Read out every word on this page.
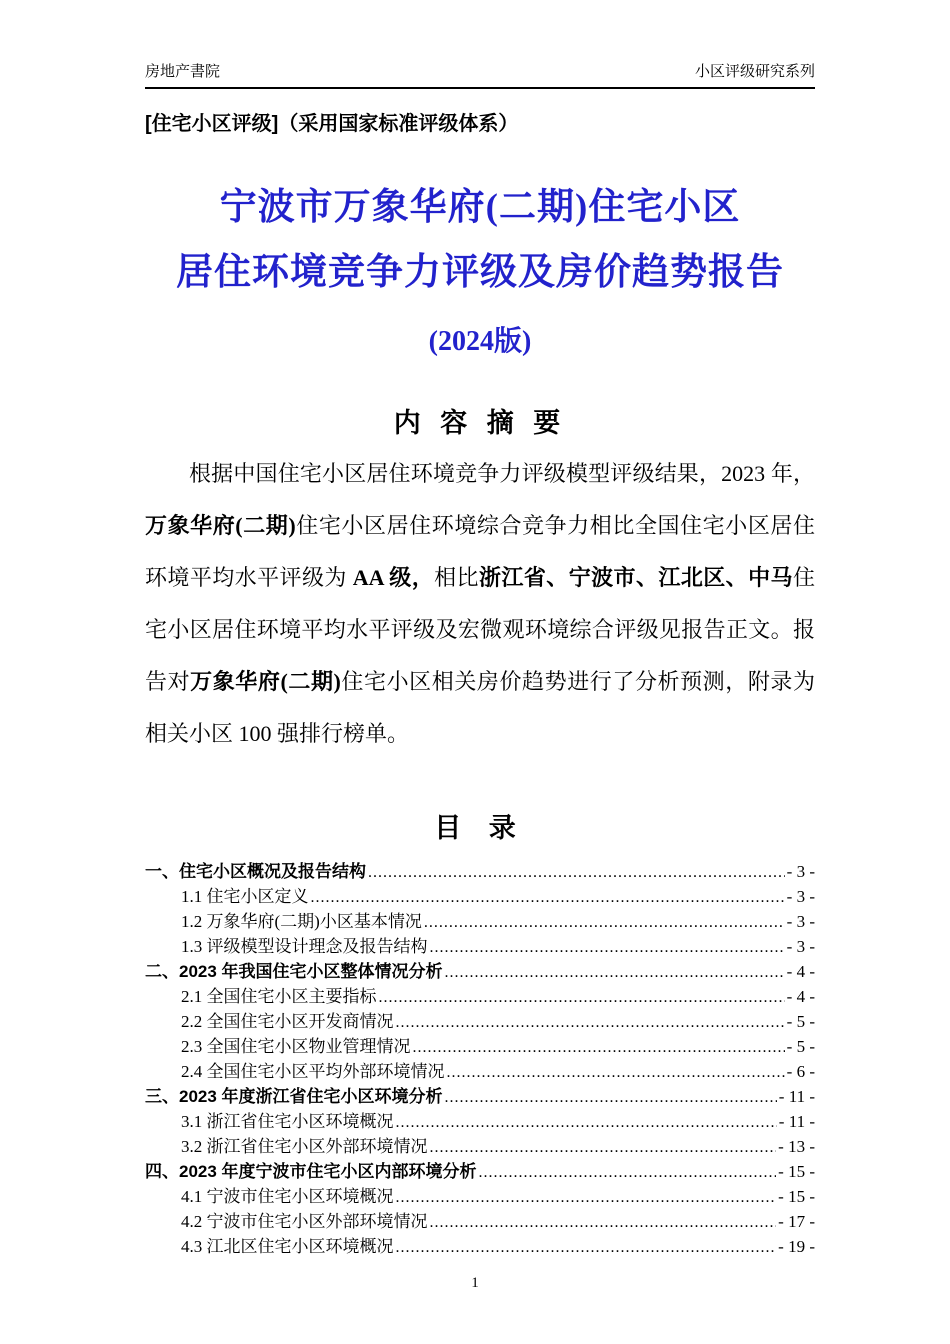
房地产書院	小区评级研究系列
[住宅小区评级]（采用国家标准评级体系）
宁波市万象华府(二期)住宅小区
居住环境竞争力评级及房价趋势报告
(2024版)
内 容 摘 要
根据中国住宅小区居住环境竞争力评级模型评级结果，2023 年，万象华府(二期)住宅小区居住环境综合竞争力相比全国住宅小区居住环境平均水平评级为 AA 级，相比浙江省、宁波市、江北区、中马住宅小区居住环境平均水平评级及宏微观环境综合评级见报告正文。报告对万象华府(二期)住宅小区相关房价趋势进行了分析预测，附录为相关小区 100 强排行榜单。
目 录
一、住宅小区概况及报告结构 .....	- 3 -
1.1 住宅小区定义 .....	- 3 -
1.2 万象华府(二期)小区基本情况 .....	- 3 -
1.3 评级模型设计理念及报告结构 .....	- 3 -
二、2023 年我国住宅小区整体情况分析 .....	- 4 -
2.1 全国住宅小区主要指标 .....	- 4 -
2.2 全国住宅小区开发商情况 .....	- 5 -
2.3 全国住宅小区物业管理情况 .....	- 5 -
2.4 全国住宅小区平均外部环境情况 .....	- 6 -
三、2023 年度浙江省住宅小区环境分析 .....	- 11 -
3.1 浙江省住宅小区环境概况 .....	- 11 -
3.2 浙江省住宅小区外部环境情况 .....	- 13 -
四、2023 年度宁波市住宅小区内部环境分析 .....	- 15 -
4.1 宁波市住宅小区环境概况 .....	- 15 -
4.2 宁波市住宅小区外部环境情况 .....	- 17 -
4.3 江北区住宅小区环境概况 .....	- 19 -
1
